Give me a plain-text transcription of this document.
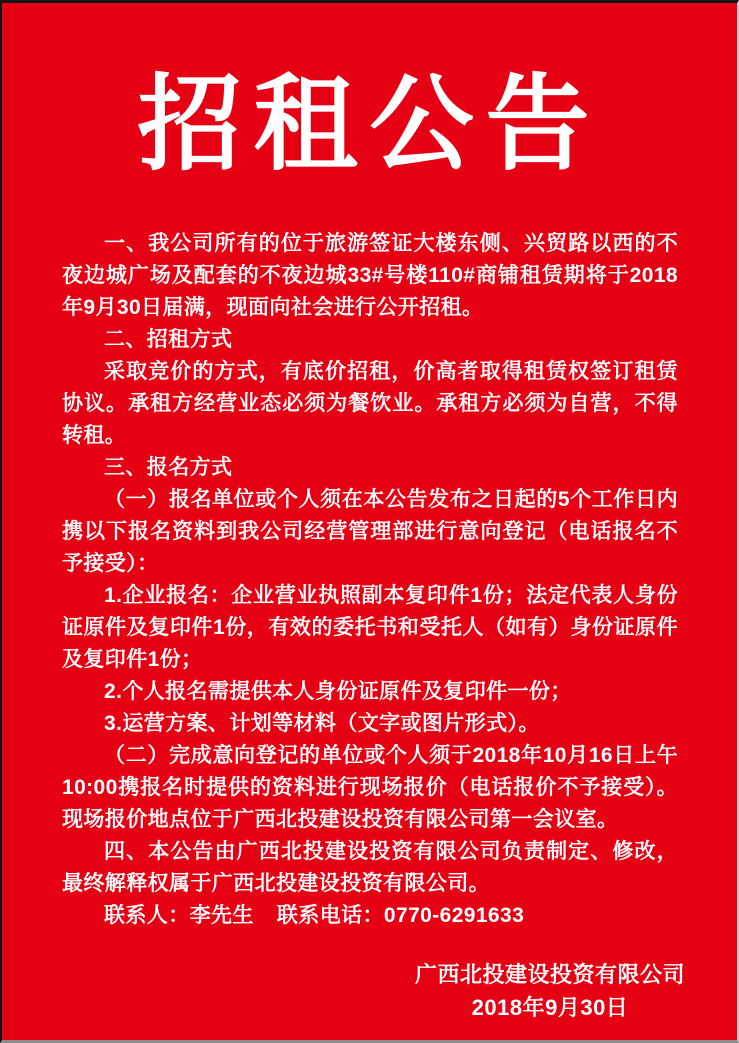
招租公告

一、我公司所有的位于旅游签证大楼东侧、兴贸路以西的不夜边城广场及配套的不夜边城33#号楼110#商铺租赁期将于2018年9月30日届满，现面向社会进行公开招租。

二、招租方式

采取竞价的方式，有底价招租，价高者取得租赁权签订租赁协议。承租方经营业态必须为餐饮业。承租方必须为自营，不得转租。

三、报名方式

（一）报名单位或个人须在本公告发布之日起的5个工作日内携以下报名资料到我公司经营管理部进行意向登记（电话报名不予接受）：

1.企业报名：企业营业执照副本复印件1份；法定代表人身份证原件及复印件1份，有效的委托书和受托人（如有）身份证原件及复印件1份；

2.个人报名需提供本人身份证原件及复印件一份；

3.运营方案、计划等材料（文字或图片形式）。

（二）完成意向登记的单位或个人须于2018年10月16日上午10:00携报名时提供的资料进行现场报价（电话报价不予接受）。现场报价地点位于广西北投建设投资有限公司第一会议室。

四、本公告由广西北投建设投资有限公司负责制定、修改，最终解释权属于广西北投建设投资有限公司。

联系人：李先生 联系电话：0770-6291633

广西北投建设投资有限公司
2018年9月30日
